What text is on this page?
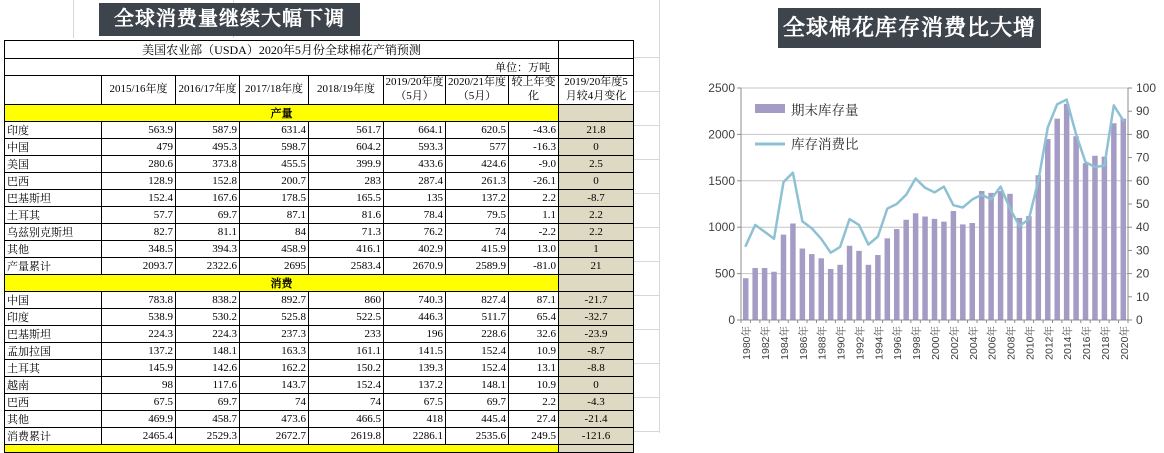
全球消费量继续大幅下调
美国农业部（USDA）2020年5月份全球棉花产销预测								
单位：万吨								
	2015/16年度	2016/17年度	2017/18年度	2018/19年度	2019/20年度（5月）	2020/21年度（5月）	较上年变化	2019/20年度5月较4月变化
产量								
印度	563.9	587.9	631.4	561.7	664.1	620.5	-43.6	21.8
中国	479	495.3	598.7	604.2	593.3	577	-16.3	0
美国	280.6	373.8	455.5	399.9	433.6	424.6	-9.0	2.5
巴西	128.9	152.8	200.7	283	287.4	261.3	-26.1	0
巴基斯坦	152.4	167.6	178.5	165.5	135	137.2	2.2	-8.7
土耳其	57.7	69.7	87.1	81.6	78.4	79.5	1.1	2.2
乌兹别克斯坦	82.7	81.1	84	71.3	76.2	74	-2.2	2.2
其他	348.5	394.3	458.9	416.1	402.9	415.9	13.0	1
产量累计	2093.7	2322.6	2695	2583.4	2670.9	2589.9	-81.0	21
消费								
中国	783.8	838.2	892.7	860	740.3	827.4	87.1	-21.7
印度	538.9	530.2	525.8	522.5	446.3	511.7	65.4	-32.7
巴基斯坦	224.3	224.3	237.3	233	196	228.6	32.6	-23.9
孟加拉国	137.2	148.1	163.3	161.1	141.5	152.4	10.9	-8.7
土耳其	145.9	142.6	162.2	150.2	139.3	152.4	13.1	-8.8
越南	98	117.6	143.7	152.4	137.2	148.1	10.9	0
巴西	67.5	69.7	74	74	67.5	69.7	2.2	-4.3
其他	469.9	458.7	473.6	466.5	418	445.4	27.4	-21.4
消费累计	2465.4	2529.3	2672.7	2619.8	2286.1	2535.6	249.5	-121.6

全球棉花库存消费比大增
0
500
1000
1500
2000
2500
0
10
20
30
40
50
60
70
80
90
100
1980年 1982年 1984年 1986年 1988年 1990年 1992年 1994年 1996年 1998年 2000年 2002年 2004年 2006年 2008年 2010年 2012年 2014年 2016年 2018年 2020年
期末库存量
库存消费比
